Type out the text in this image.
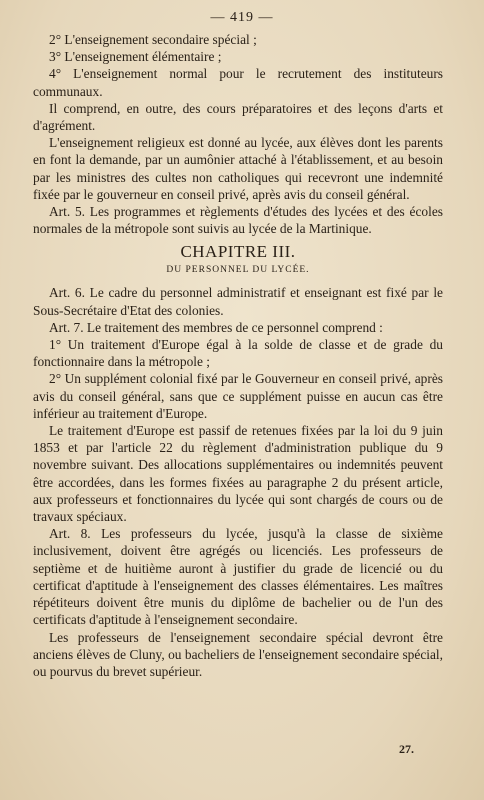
— 419 —

2° L'enseignement secondaire spécial ;

3° L'enseignement élémentaire ;

4° L'enseignement normal pour le recrutement des instituteurs communaux.

Il comprend, en outre, des cours préparatoires et des leçons d'arts et d'agrément.

L'enseignement religieux est donné au lycée, aux élèves dont les parents en font la demande, par un aumônier attaché à l'établissement, et au besoin par les ministres des cultes non catholiques qui recevront une indemnité fixée par le gouverneur en conseil privé, après avis du conseil général.

Art. 5. Les programmes et règlements d'études des lycées et des écoles normales de la métropole sont suivis au lycée de la Martinique.

CHAPITRE III.

DU PERSONNEL DU LYCÉE.

Art. 6. Le cadre du personnel administratif et enseignant est fixé par le Sous-Secrétaire d'Etat des colonies.

Art. 7. Le traitement des membres de ce personnel comprend :

1° Un traitement d'Europe égal à la solde de classe et de grade du fonctionnaire dans la métropole ;

2° Un supplément colonial fixé par le Gouverneur en conseil privé, après avis du conseil général, sans que ce supplément puisse en aucun cas être inférieur au traitement d'Europe.

Le traitement d'Europe est passif de retenues fixées par la loi du 9 juin 1853 et par l'article 22 du règlement d'administration publique du 9 novembre suivant. Des allocations supplémentaires ou indemnités peuvent être accordées, dans les formes fixées au paragraphe 2 du présent article, aux professeurs et fonctionnaires du lycée qui sont chargés de cours ou de travaux spéciaux.

Art. 8. Les professeurs du lycée, jusqu'à la classe de sixième inclusivement, doivent être agrégés ou licenciés. Les professeurs de septième et de huitième auront à justifier du grade de licencié ou du certificat d'aptitude à l'enseignement des classes élémentaires. Les maîtres répétiteurs doivent être munis du diplôme de bachelier ou de l'un des certificats d'aptitude à l'enseignement secondaire.

Les professeurs de l'enseignement secondaire spécial devront être anciens élèves de Cluny, ou bacheliers de l'enseignement secondaire spécial, ou pourvus du brevet supérieur.

27.
